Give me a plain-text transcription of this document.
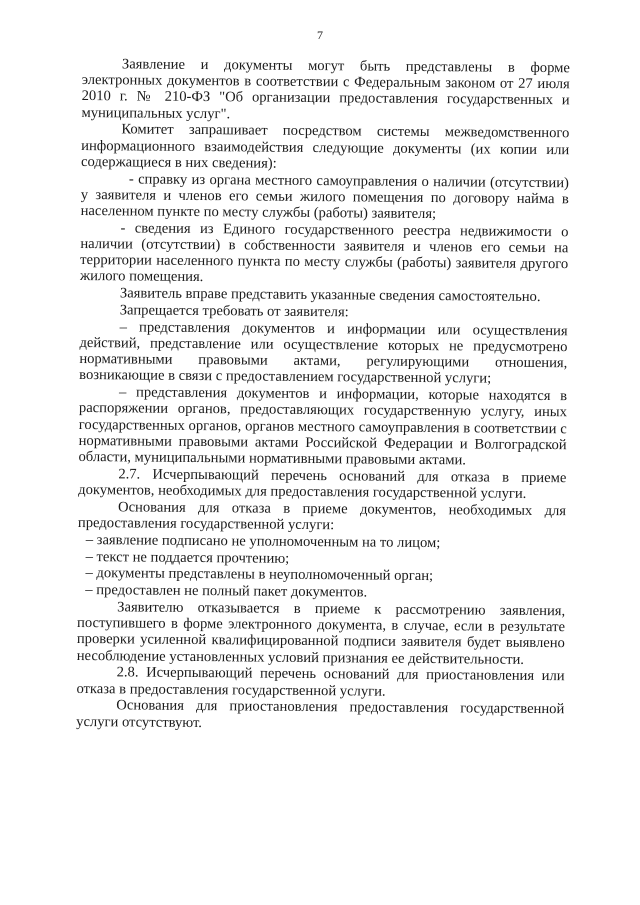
7

Заявление и документы могут быть представлены в форме электронных документов в соответствии с Федеральным законом от 27 июля 2010 г. № 210-ФЗ "Об организации предоставления государственных и муниципальных услуг".

Комитет запрашивает посредством системы межведомственного информационного взаимодействия следующие документы (их копии или содержащиеся в них сведения):

- справку из органа местного самоуправления о наличии (отсутствии) у заявителя и членов его семьи жилого помещения по договору найма в населенном пункте по месту службы (работы) заявителя;

- сведения из Единого государственного реестра недвижимости о наличии (отсутствии) в собственности заявителя и членов его семьи на территории населенного пункта по месту службы (работы) заявителя другого жилого помещения.

Заявитель вправе представить указанные сведения самостоятельно.

Запрещается требовать от заявителя:

– представления документов и информации или осуществления действий, представление или осуществление которых не предусмотрено нормативными правовыми актами, регулирующими отношения, возникающие в связи с предоставлением государственной услуги;

– представления документов и информации, которые находятся в распоряжении органов, предоставляющих государственную услугу, иных государственных органов, органов местного самоуправления в соответствии с нормативными правовыми актами Российской Федерации и Волгоградской области, муниципальными нормативными правовыми актами.

2.7. Исчерпывающий перечень оснований для отказа в приеме документов, необходимых для предоставления государственной услуги.

Основания для отказа в приеме документов, необходимых для предоставления государственной услуги:

– заявление подписано не уполномоченным на то лицом;

– текст не поддается прочтению;

– документы представлены в неуполномоченный орган;

– предоставлен не полный пакет документов.

Заявителю отказывается в приеме к рассмотрению заявления, поступившего в форме электронного документа, в случае, если в результате проверки усиленной квалифицированной подписи заявителя будет выявлено несоблюдение установленных условий признания ее действительности.

2.8. Исчерпывающий перечень оснований для приостановления или отказа в предоставления государственной услуги.

Основания для приостановления предоставления государственной услуги отсутствуют.
